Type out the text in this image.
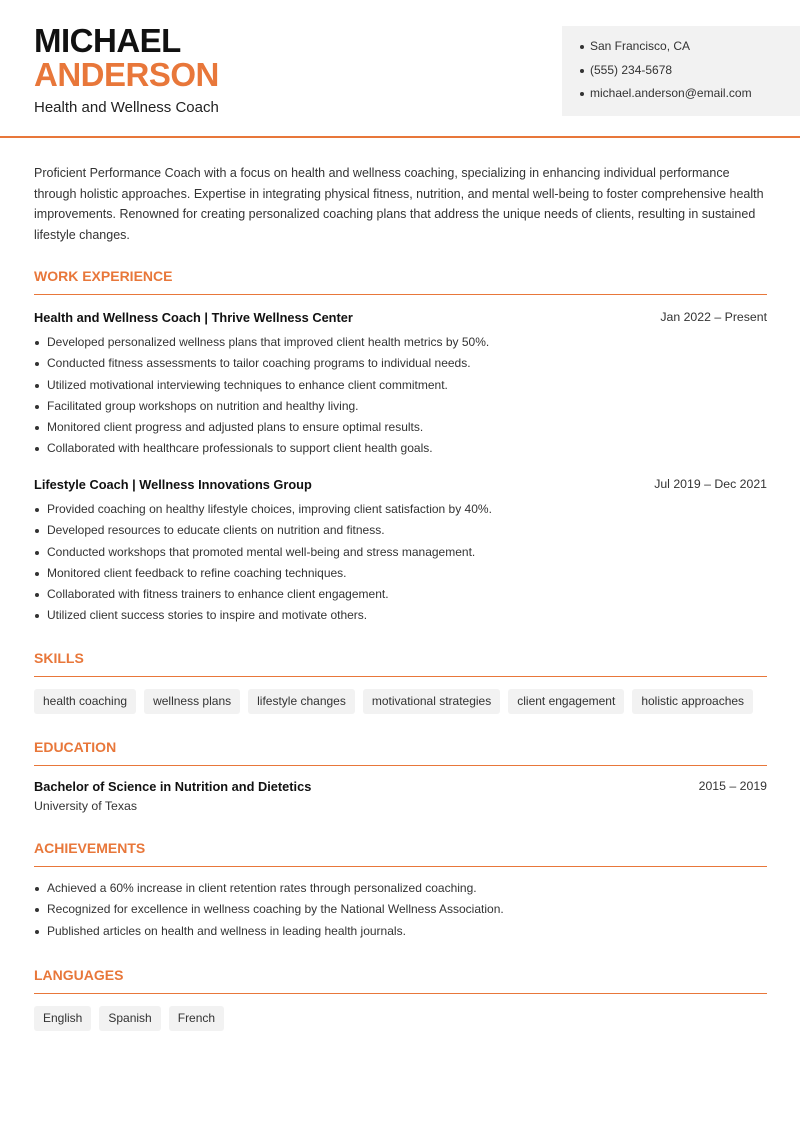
MICHAEL
ANDERSON
Health and Wellness Coach
San Francisco, CA
(555) 234-5678
michael.anderson@email.com
Proficient Performance Coach with a focus on health and wellness coaching, specializing in enhancing individual performance through holistic approaches. Expertise in integrating physical fitness, nutrition, and mental well-being to foster comprehensive health improvements. Renowned for creating personalized coaching plans that address the unique needs of clients, resulting in sustained lifestyle changes.
WORK EXPERIENCE
Health and Wellness Coach | Thrive Wellness Center	Jan 2022 – Present
Developed personalized wellness plans that improved client health metrics by 50%.
Conducted fitness assessments to tailor coaching programs to individual needs.
Utilized motivational interviewing techniques to enhance client commitment.
Facilitated group workshops on nutrition and healthy living.
Monitored client progress and adjusted plans to ensure optimal results.
Collaborated with healthcare professionals to support client health goals.
Lifestyle Coach | Wellness Innovations Group	Jul 2019 – Dec 2021
Provided coaching on healthy lifestyle choices, improving client satisfaction by 40%.
Developed resources to educate clients on nutrition and fitness.
Conducted workshops that promoted mental well-being and stress management.
Monitored client feedback to refine coaching techniques.
Collaborated with fitness trainers to enhance client engagement.
Utilized client success stories to inspire and motivate others.
SKILLS
health coaching	wellness plans	lifestyle changes	motivational strategies	client engagement	holistic approaches
EDUCATION
Bachelor of Science in Nutrition and Dietetics	2015 – 2019
University of Texas
ACHIEVEMENTS
Achieved a 60% increase in client retention rates through personalized coaching.
Recognized for excellence in wellness coaching by the National Wellness Association.
Published articles on health and wellness in leading health journals.
LANGUAGES
English	Spanish	French
